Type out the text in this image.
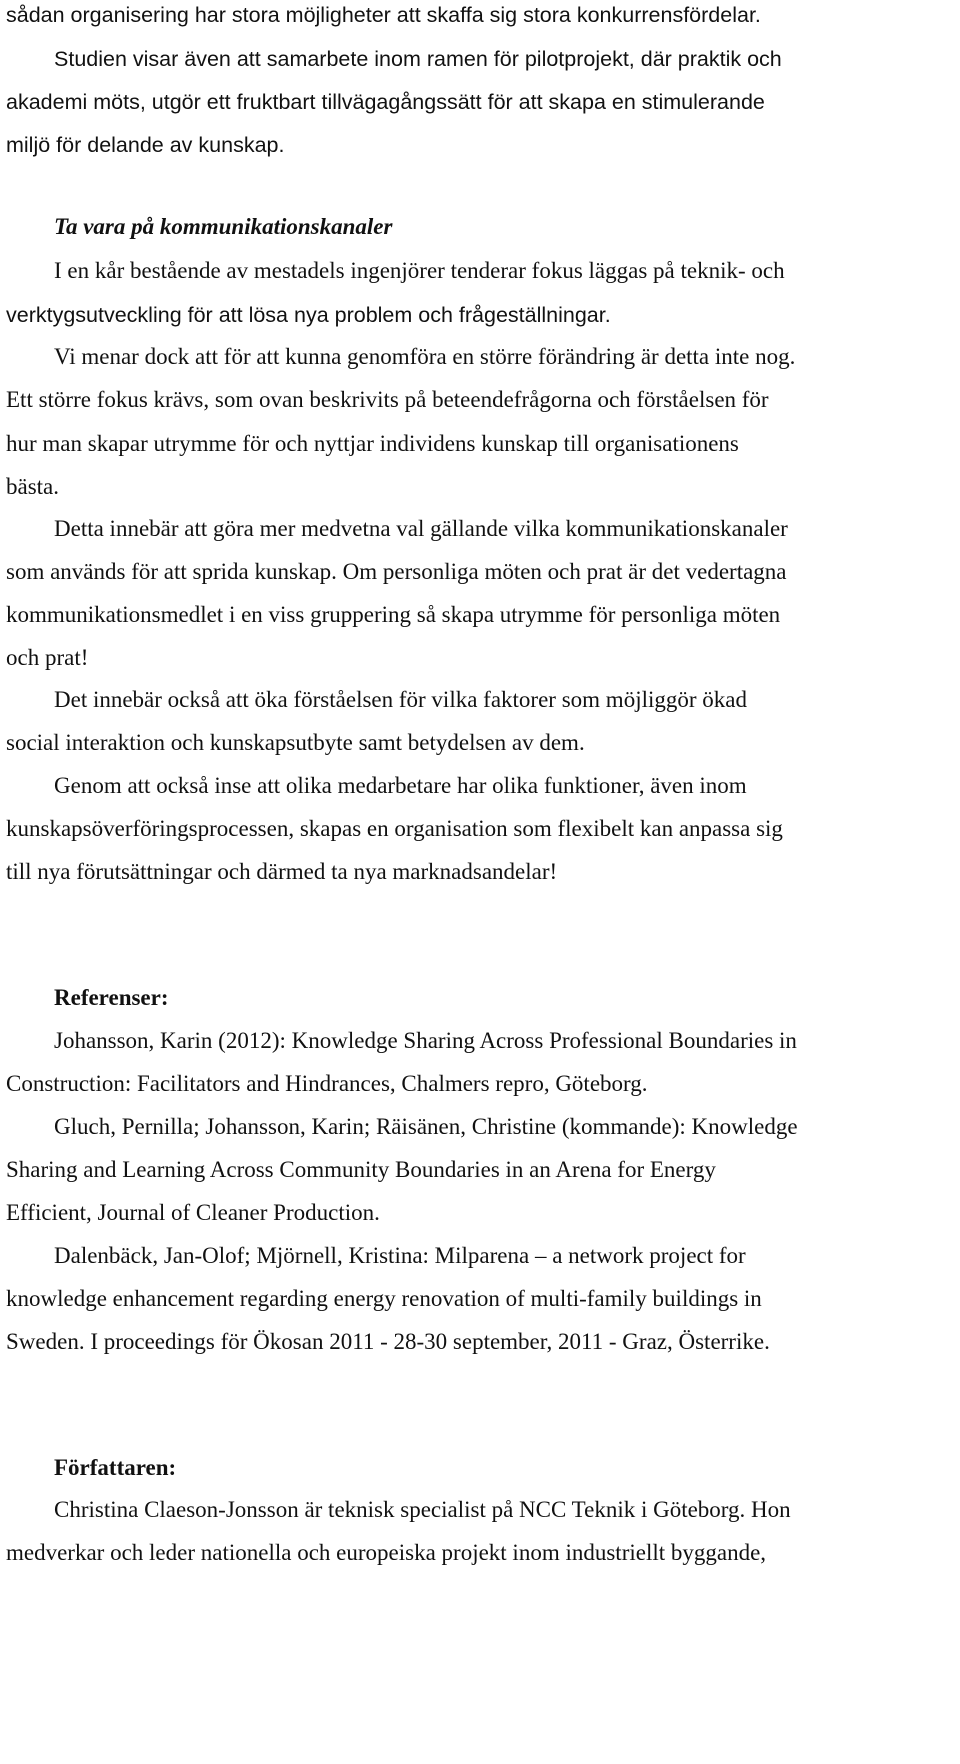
sådan organisering har stora möjligheter att skaffa sig stora konkurrensfördelar.
Studien visar även att samarbete inom ramen för pilotprojekt, där praktik och
akademi möts, utgör ett fruktbart tillvägagångssätt för att skapa en stimulerande
miljö för delande av kunskap.
Ta vara på kommunikationskanaler
I en kår bestående av mestadels ingenjörer tenderar fokus läggas på teknik- och
verktygsutveckling för att lösa nya problem och frågeställningar.
Vi menar dock att för att kunna genomföra en större förändring är detta inte nog.
Ett större fokus krävs, som ovan beskrivits på beteendefrågorna och förståelsen för
hur man skapar utrymme för och nyttjar individens kunskap till organisationens
bästa.
Detta innebär att göra mer medvetna val gällande vilka kommunikationskanaler
som används för att sprida kunskap. Om personliga möten och prat är det vedertagna
kommunikationsmedlet i en viss gruppering så skapa utrymme för personliga möten
och prat!
Det innebär också att öka förståelsen för vilka faktorer som möjliggör ökad
social interaktion och kunskapsutbyte samt betydelsen av dem.
Genom att också inse att olika medarbetare har olika funktioner, även inom
kunskapsöverföringsprocessen, skapas en organisation som flexibelt kan anpassa sig
till nya förutsättningar och därmed ta nya marknadsandelar!
Referenser:
Johansson, Karin (2012): Knowledge Sharing Across Professional Boundaries in
Construction: Facilitators and Hindrances, Chalmers repro, Göteborg.
Gluch, Pernilla; Johansson, Karin; Räisänen, Christine (kommande): Knowledge
Sharing and Learning Across Community Boundaries in an Arena for Energy
Efficient, Journal of Cleaner Production.
Dalenbäck, Jan-Olof; Mjörnell, Kristina: Milparena – a network project for
knowledge enhancement regarding energy renovation of multi-family buildings in
Sweden. I proceedings för Ökosan 2011 - 28-30 september, 2011 - Graz, Österrike.
Författaren:
Christina Claeson-Jonsson är teknisk specialist på NCC Teknik i Göteborg. Hon
medverkar och leder nationella och europeiska projekt inom industriellt byggande,
